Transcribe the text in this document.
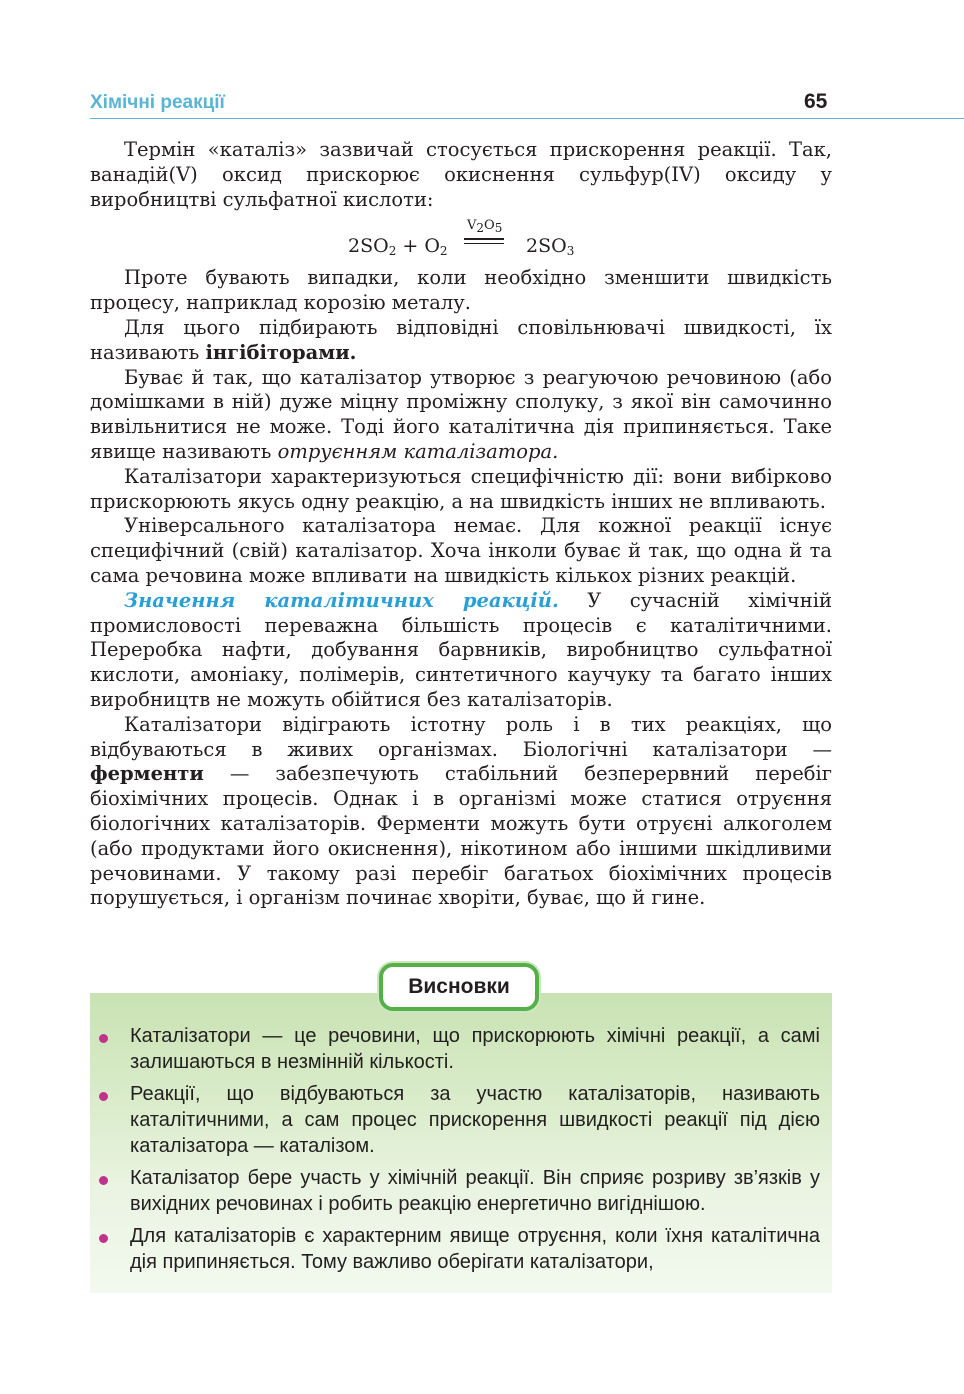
Хімічні реакції	65

Термін «каталіз» зазвичай стосується прискорення реакції. Так, ванадій(V) оксид прискорює окиснення сульфур(IV) оксиду у виробництві сульфатної кислоти:

$2SO_2 + O_2$
$V_2O_5$
$2SO_3$

Проте бувають випадки, коли необхідно зменшити швидкість процесу, наприклад корозію металу.

Для цього підбирають відповідні сповільнювачі швидкості, їх називають інгібіторами.

Буває й так, що каталізатор утворює з реагуючою речовиною (або домішками в ній) дуже міцну проміжну сполуку, з якої він самочинно вивільнитися не може. Тоді його каталітична дія припиняється. Таке явище називають отруєнням каталізатора.

Каталізатори характеризуються специфічністю дії: вони вибірково прискорюють якусь одну реакцію, а на швидкість інших не впливають.

Універсального каталізатора немає. Для кожної реакції існує специфічний (свій) каталізатор. Хоча інколи буває й так, що одна й та сама речовина може впливати на швидкість кількох різних реакцій.

Значення каталітичних реакцій. У сучасній хімічній промисловості переважна більшість процесів є каталітичними. Переробка нафти, добування барвників, виробництво сульфатної кислоти, амоніаку, полімерів, синтетичного каучуку та багато інших виробництв не можуть обійтися без каталізаторів.

Каталізатори відіграють істотну роль і в тих реакціях, що відбуваються в живих організмах. Біологічні каталізатори — ферменти — забезпечують стабільний безперервний перебіг біохімічних процесів. Однак і в організмі може статися отруєння біологічних каталізаторів. Ферменти можуть бути отруєні алкоголем (або продуктами його окиснення), нікотином або іншими шкідливими речовинами. У такому разі перебіг багатьох біохімічних процесів порушується, і організм починає хворіти, буває, що й гине.

Каталізатори — це речовини, що прискорюють хімічні реакції, а самі залишаються в незмінній кількості.
Реакції, що відбуваються за участю каталізаторів, називають каталітичними, а сам процес прискорення швидкості реакції під дією каталізатора — каталізом.
Каталізатор бере участь у хімічній реакції. Він сприяє розриву зв’язків у вихідних речовинах і робить реакцію енергетично вигіднішою.
Для каталізаторів є характерним явище отруєння, коли їхня каталітична дія припиняється. Тому важливо оберігати каталізатори,
Висновки
